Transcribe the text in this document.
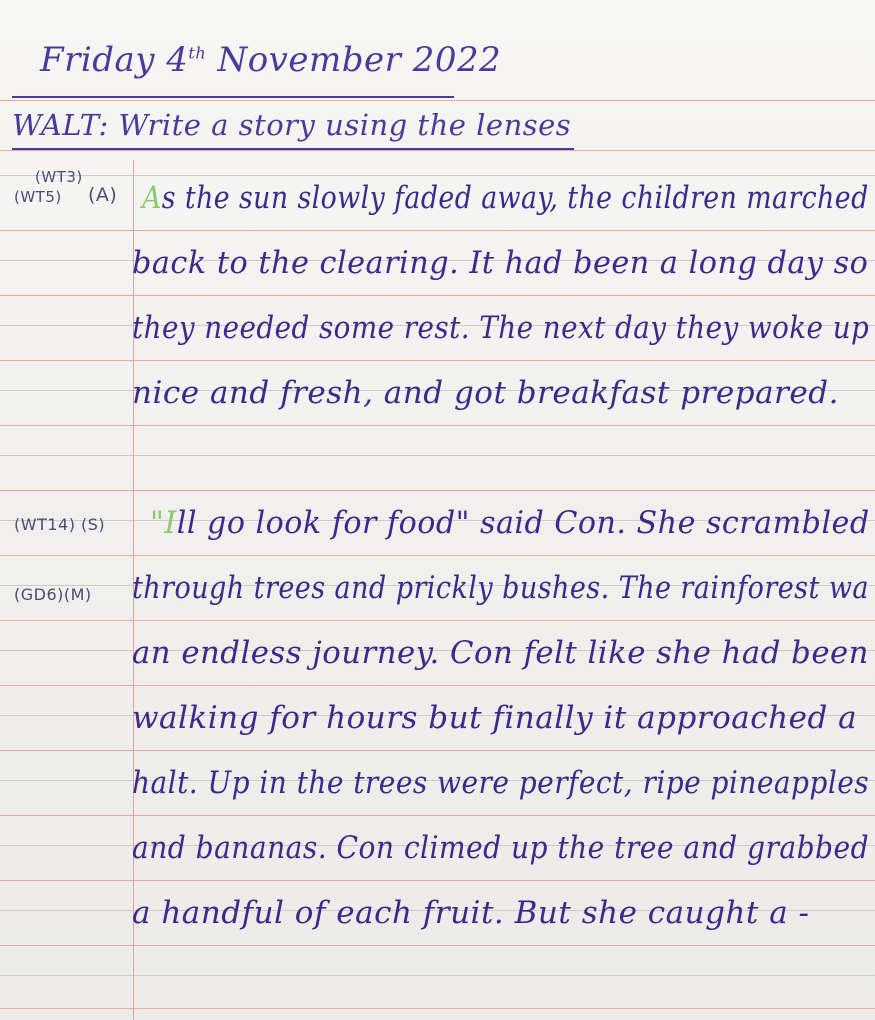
Friday 4th November 2022
WALT: Write a story using the lenses
(WT3)
(WT5) (A)
(WT14) (S)
(GD6)(M)
As the sun slowly faded away, the children marched
back to the clearing. It had been a long day so
they needed some rest. The next day they woke up
nice and fresh, and got breakfast prepared.
"Ill go look for food" said Con. She scrambled
through trees and prickly bushes. The rainforest wa
an endless journey. Con felt like she had been
walking for hours but finally it approached a
halt. Up in the trees were perfect, ripe pineapples
and bananas. Con climed up the tree and grabbed
a handful of each fruit. But she caught a -
